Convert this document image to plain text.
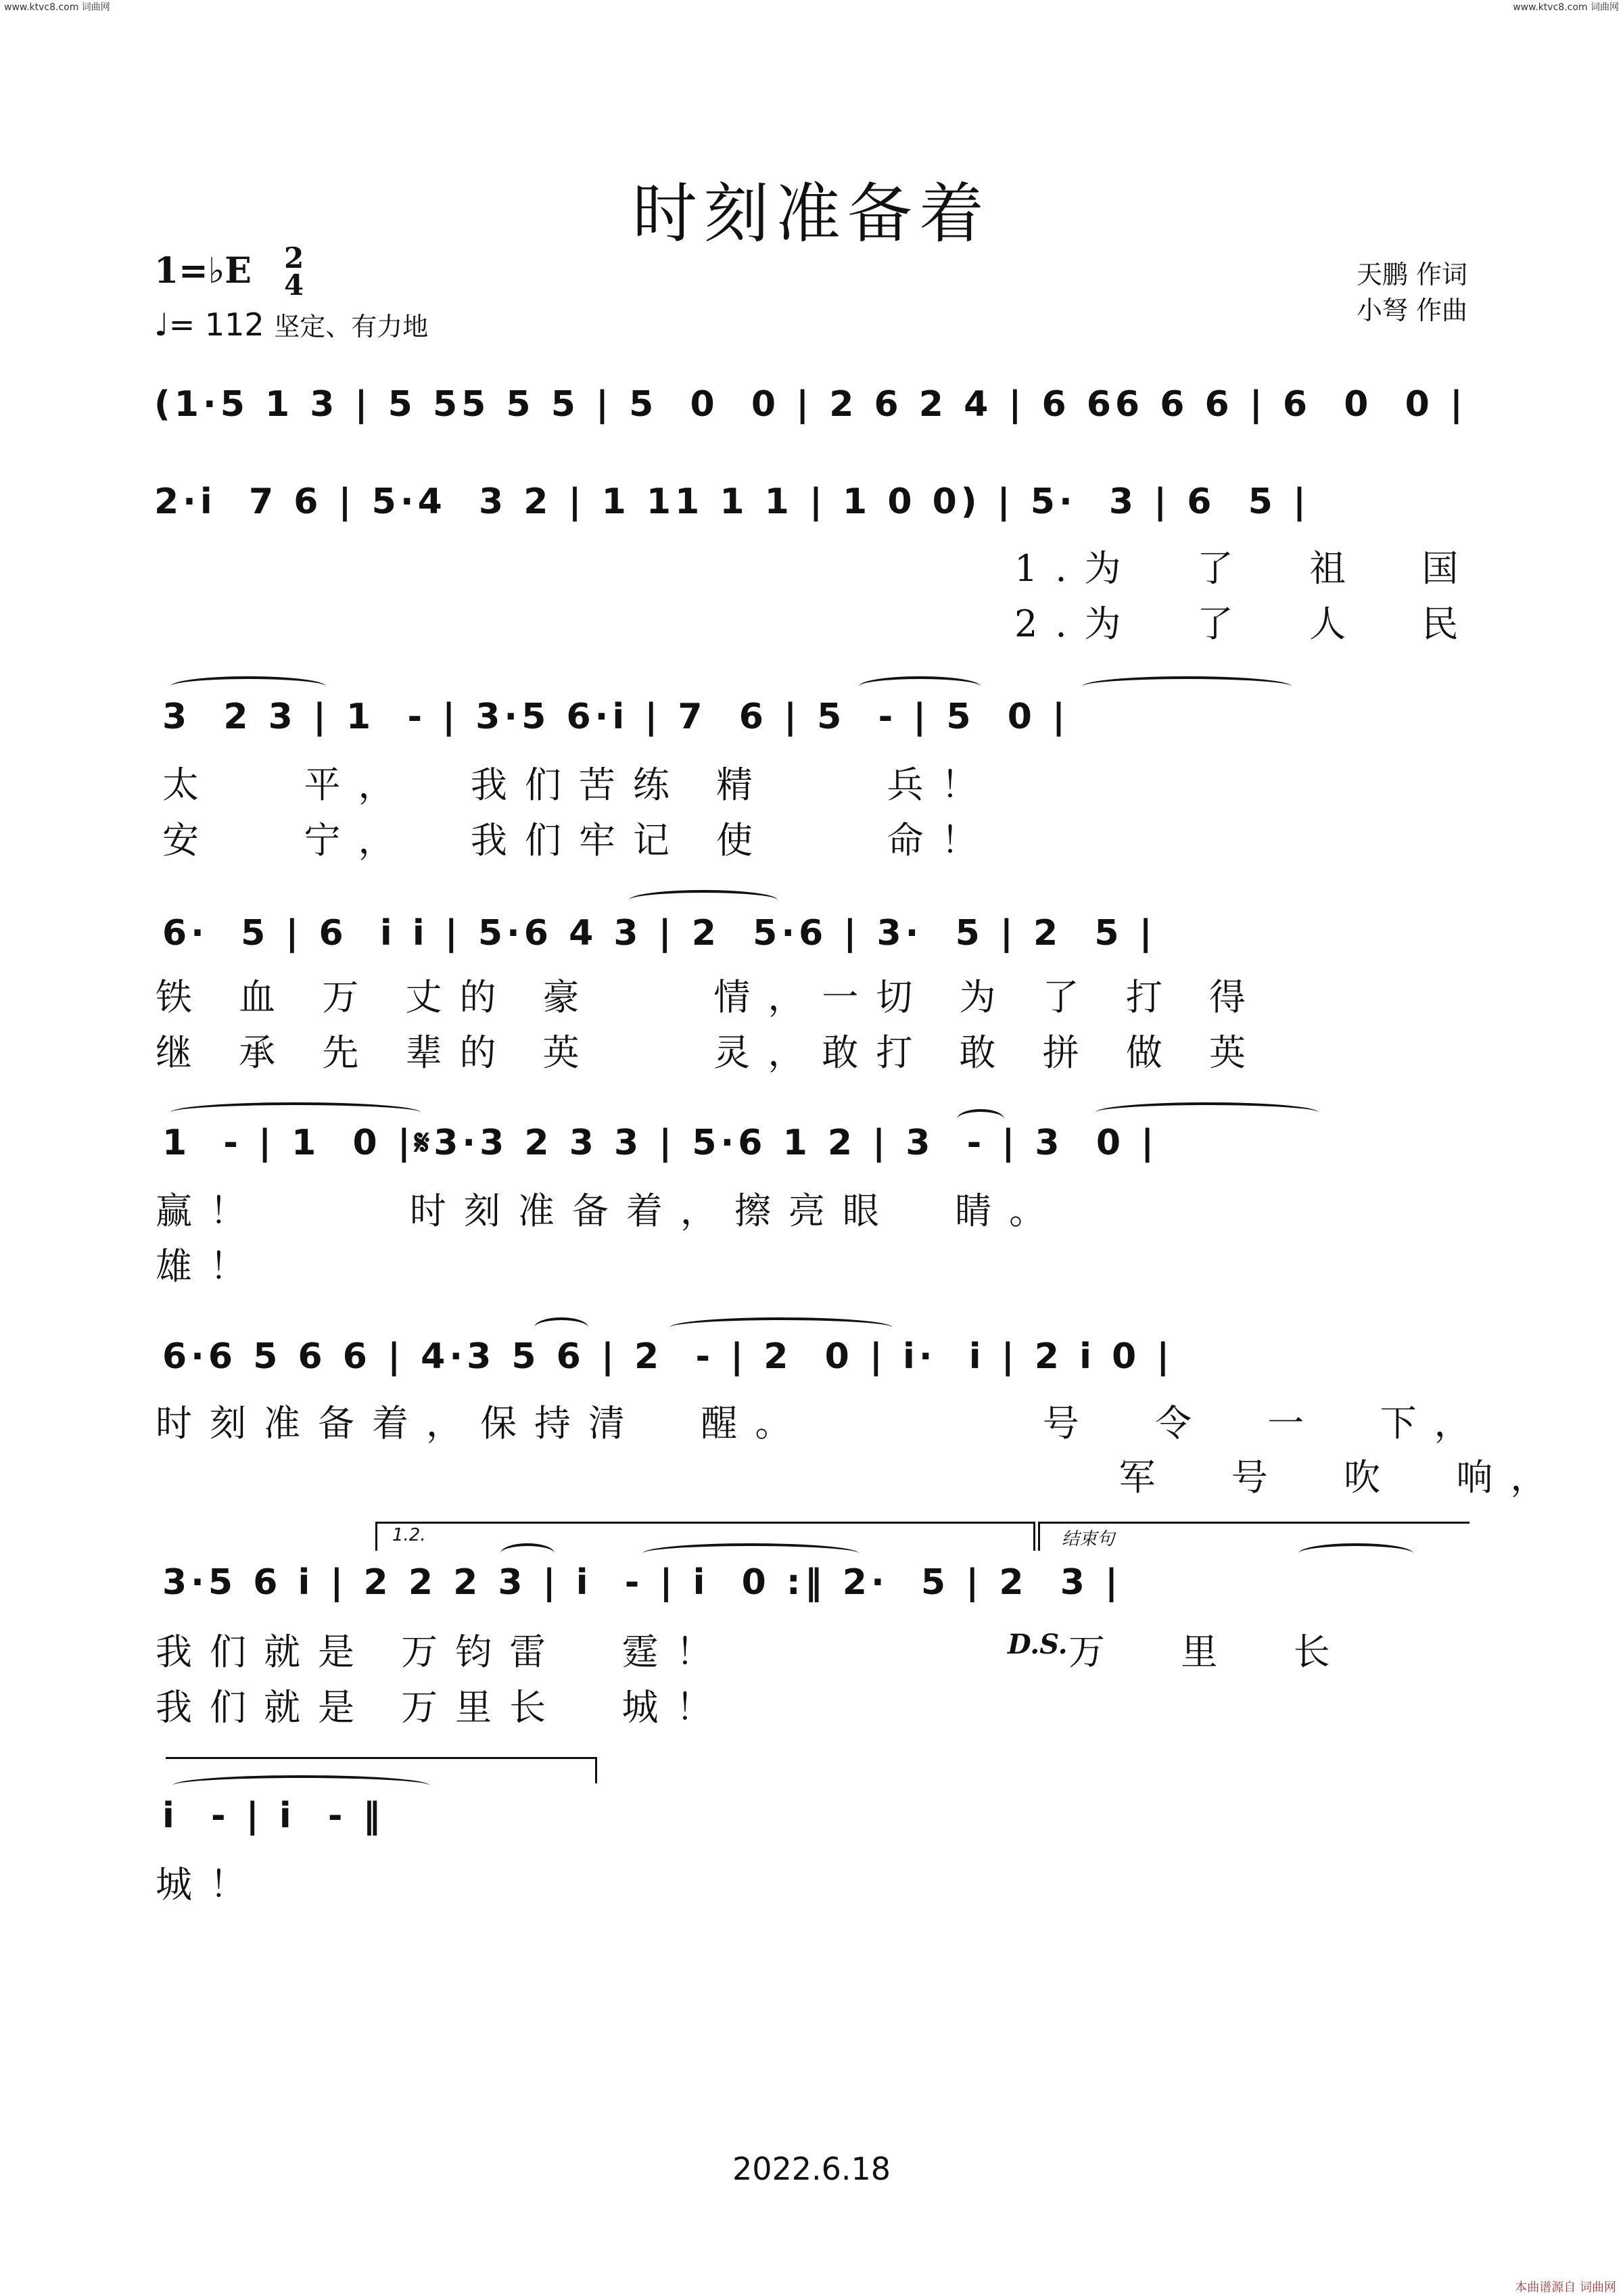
www.ktvc8.com 词曲网	www.ktvc8.com 词曲网
时刻准备着
1=♭E 2
4
♩= 112 坚定、有力地
天鹏 作词
小弩 作曲
(1·5 1 3 | 5 55 5 5 | 5  0  0 | 2 6 2 4 | 6 66 6 6 | 6  0  0 |
2·i  7 6 | 5·4  3 2 | 1 11 1 1 | 1 0 0) | 5·  3 | 6  5 |
1.为  了  祖  国
2.为  了  人  民
3  2 3 | 1  - | 3·5 6·i | 7  6 | 5  - | 5  0 |
太   平，  我们苦练 精    兵！
安   宁，  我们牢记 使    命！
6·  5 | 6  i i | 5·6 4 3 | 2  5·6 | 3·  5 | 2  5 |
铁 血 万 丈的 豪    情，一切 为 了 打 得
继 承 先 辈的 英    灵，敢打 敢 拼 做 英
1  - | 1  0 |𝄋3·3 2 3 3 | 5·6 1 2 | 3  - | 3  0 |
赢！     时刻准备着，擦亮眼  睛。
雄！
6·6 5 6 6 | 4·3 5 6 | 2  - | 2  0 | i·  i | 2 i 0 |
时刻准备着，保持清  醒。        号  令  一  下，
军  号  吹  响，
1.2.	结束句
3·5 6 i | 2 2 2 3 | i  - | i  0 :‖ 2·  5 | 2  3 |
我们就是 万钧雷  霆！
我们就是 万里长  城！
D.S. 万  里  长
i  - | i  - ‖
城！
2022.6.18
本曲谱源自 词曲网
